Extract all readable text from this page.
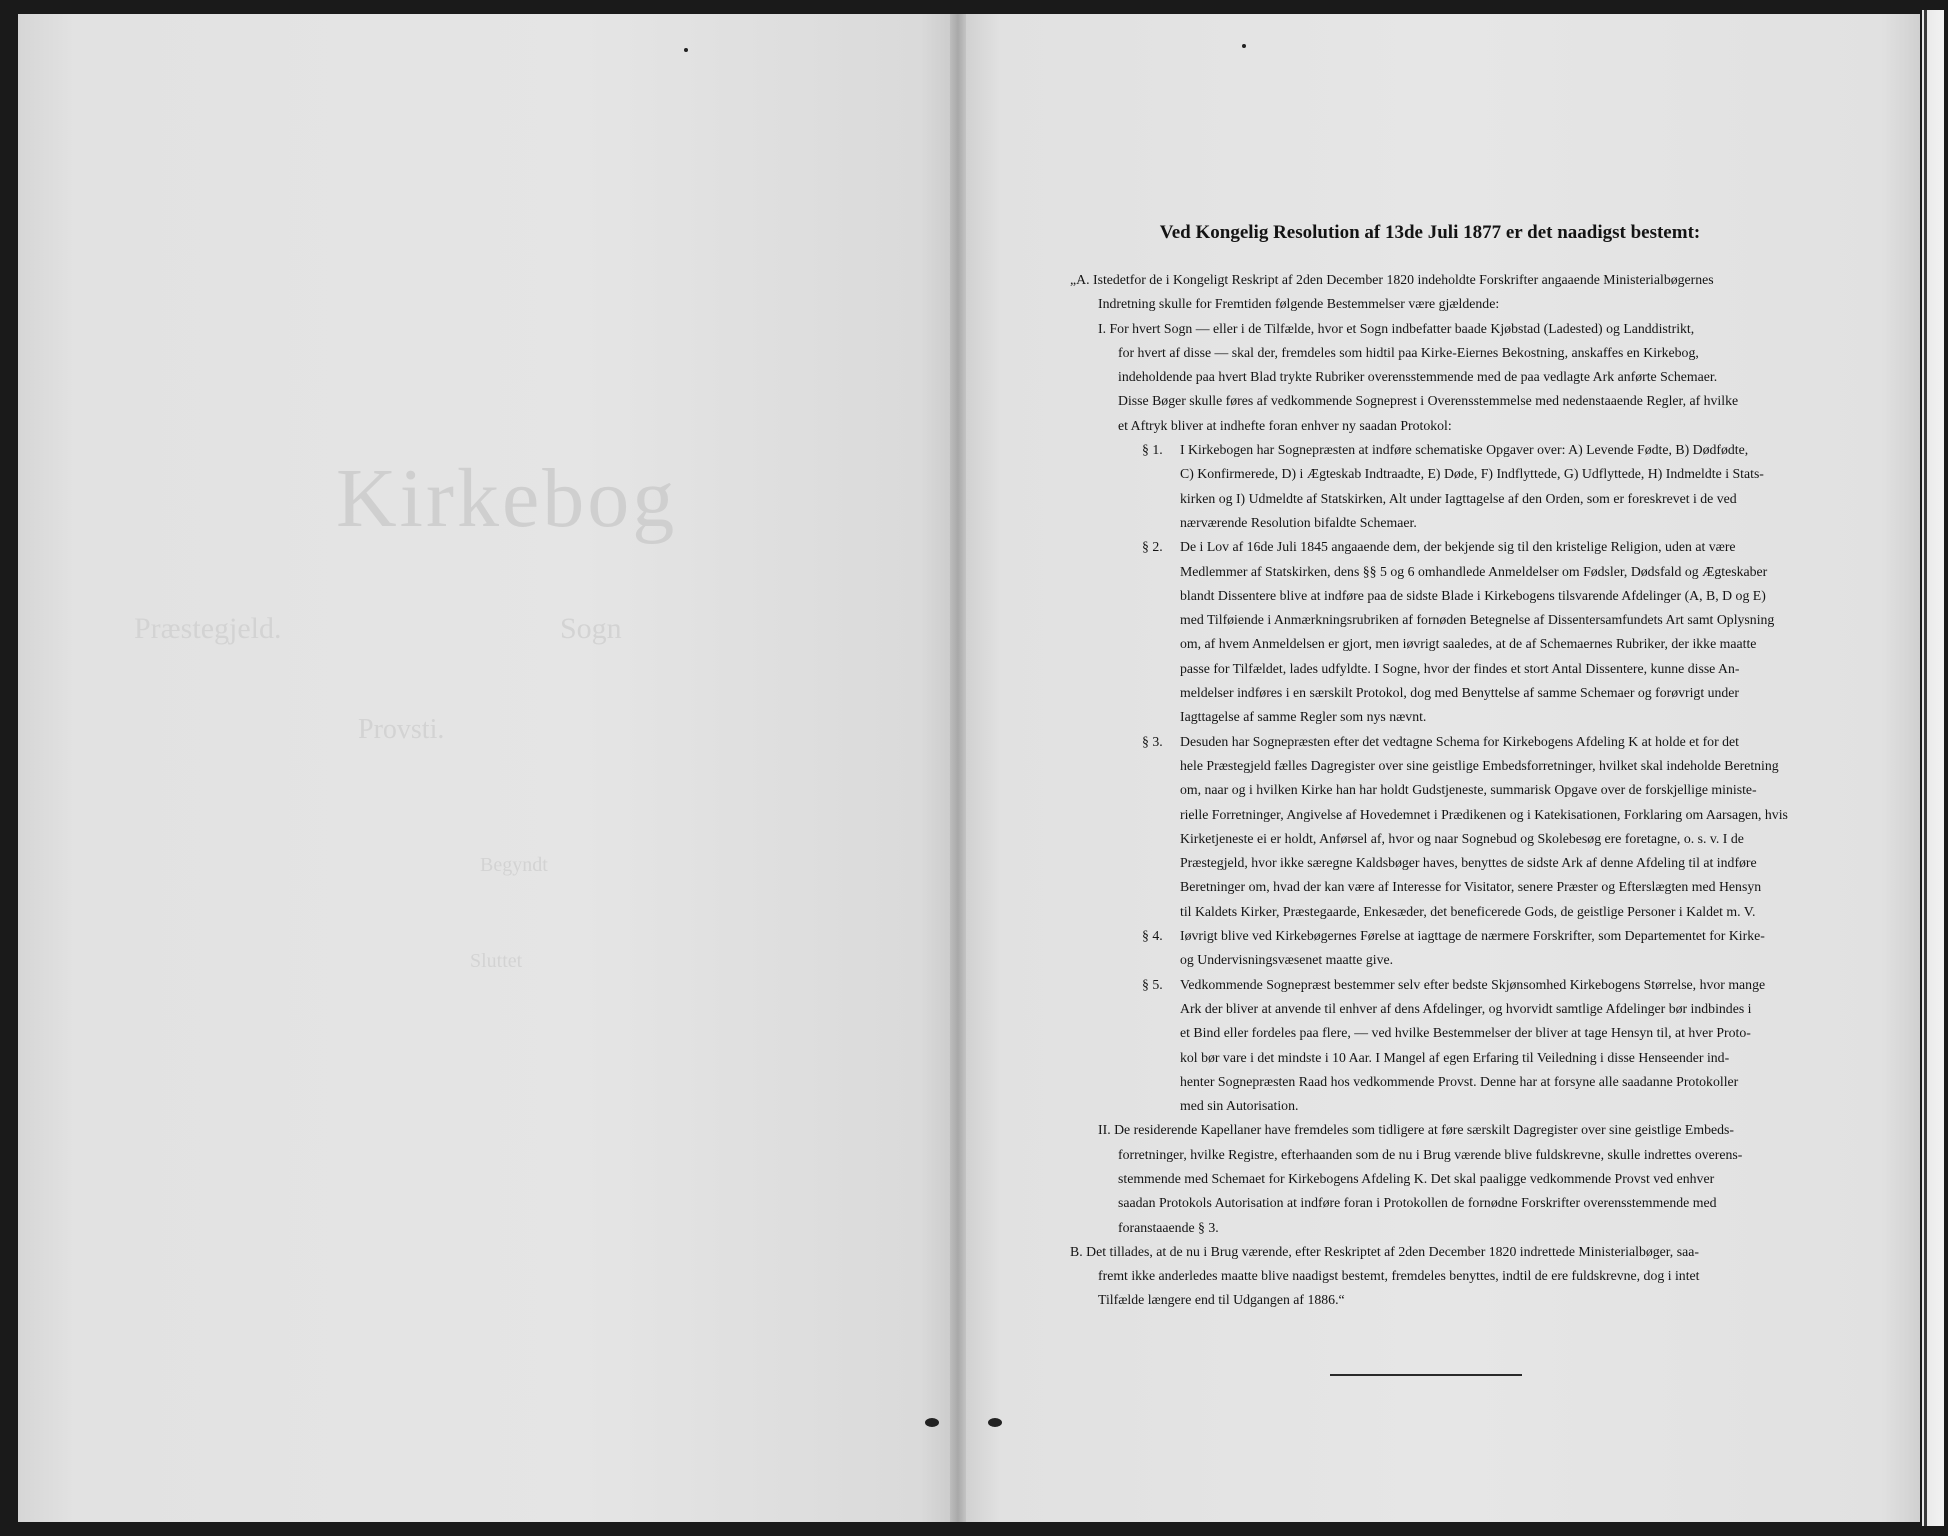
Kirkebog
Præstegjeld.	Sogn
Provsti.
Begyndt
Sluttet
Ved Kongelig Resolution af 13de Juli 1877 er det naadigst bestemt:
„A. Istedetfor de i Kongeligt Reskript af 2den December 1820 indeholdte Forskrifter angaaende Ministerialbøgernes
Indretning skulle for Fremtiden følgende Bestemmelser være gjældende:
I. For hvert Sogn — eller i de Tilfælde, hvor et Sogn indbefatter baade Kjøbstad (Ladested) og Landdistrikt,
for hvert af disse — skal der, fremdeles som hidtil paa Kirke-Eiernes Bekostning, anskaffes en Kirkebog,
indeholdende paa hvert Blad trykte Rubriker overensstemmende med de paa vedlagte Ark anførte Schemaer.
Disse Bøger skulle føres af vedkommende Sogneprest i Overensstemmelse med nedenstaaende Regler, af hvilke
et Aftryk bliver at indhefte foran enhver ny saadan Protokol:
§ 1. I Kirkebogen har Sognepræsten at indføre schematiske Opgaver over: A) Levende Fødte, B) Dødfødte,
C) Konfirmerede, D) i Ægteskab Indtraadte, E) Døde, F) Indflyttede, G) Udflyttede, H) Indmeldte i Stats-
kirken og I) Udmeldte af Statskirken, Alt under Iagttagelse af den Orden, som er foreskrevet i de ved
nærværende Resolution bifaldte Schemaer.
§ 2. De i Lov af 16de Juli 1845 angaaende dem, der bekjende sig til den kristelige Religion, uden at være
Medlemmer af Statskirken, dens §§ 5 og 6 omhandlede Anmeldelser om Fødsler, Dødsfald og Ægteskaber
blandt Dissentere blive at indføre paa de sidste Blade i Kirkebogens tilsvarende Afdelinger (A, B, D og E)
med Tilføiende i Anmærkningsrubriken af fornøden Betegnelse af Dissentersamfundets Art samt Oplysning
om, af hvem Anmeldelsen er gjort, men iøvrigt saaledes, at de af Schemaernes Rubriker, der ikke maatte
passe for Tilfældet, lades udfyldte. I Sogne, hvor der findes et stort Antal Dissentere, kunne disse An-
meldelser indføres i en særskilt Protokol, dog med Benyttelse af samme Schemaer og forøvrigt under
Iagttagelse af samme Regler som nys nævnt.
§ 3. Desuden har Sognepræsten efter det vedtagne Schema for Kirkebogens Afdeling K at holde et for det
hele Præstegjeld fælles Dagregister over sine geistlige Embedsforretninger, hvilket skal indeholde Beretning
om, naar og i hvilken Kirke han har holdt Gudstjeneste, summarisk Opgave over de forskjellige ministe-
rielle Forretninger, Angivelse af Hovedemnet i Prædikenen og i Katekisationen, Forklaring om Aarsagen, hvis
Kirketjeneste ei er holdt, Anførsel af, hvor og naar Sognebud og Skolebesøg ere foretagne, o. s. v. I de
Præstegjeld, hvor ikke særegne Kaldsbøger haves, benyttes de sidste Ark af denne Afdeling til at indføre
Beretninger om, hvad der kan være af Interesse for Visitator, senere Præster og Efterslægten med Hensyn
til Kaldets Kirker, Præstegaarde, Enkesæder, det beneficerede Gods, de geistlige Personer i Kaldet m. V.
§ 4. Iøvrigt blive ved Kirkebøgernes Førelse at iagttage de nærmere Forskrifter, som Departementet for Kirke-
og Undervisningsvæsenet maatte give.
§ 5. Vedkommende Sognepræst bestemmer selv efter bedste Skjønsomhed Kirkebogens Størrelse, hvor mange
Ark der bliver at anvende til enhver af dens Afdelinger, og hvorvidt samtlige Afdelinger bør indbindes i
et Bind eller fordeles paa flere, — ved hvilke Bestemmelser der bliver at tage Hensyn til, at hver Proto-
kol bør vare i det mindste i 10 Aar. I Mangel af egen Erfaring til Veiledning i disse Henseender ind-
henter Sognepræsten Raad hos vedkommende Provst. Denne har at forsyne alle saadanne Protokoller
med sin Autorisation.
II. De residerende Kapellaner have fremdeles som tidligere at føre særskilt Dagregister over sine geistlige Embeds-
forretninger, hvilke Registre, efterhaanden som de nu i Brug værende blive fuldskrevne, skulle indrettes overens-
stemmende med Schemaet for Kirkebogens Afdeling K. Det skal paaligge vedkommende Provst ved enhver
saadan Protokols Autorisation at indføre foran i Protokollen de fornødne Forskrifter overensstemmende med
foranstaaende § 3.
B. Det tillades, at de nu i Brug værende, efter Reskriptet af 2den December 1820 indrettede Ministerialbøger, saa-
fremt ikke anderledes maatte blive naadigst bestemt, fremdeles benyttes, indtil de ere fuldskrevne, dog i intet
Tilfælde længere end til Udgangen af 1886.“
